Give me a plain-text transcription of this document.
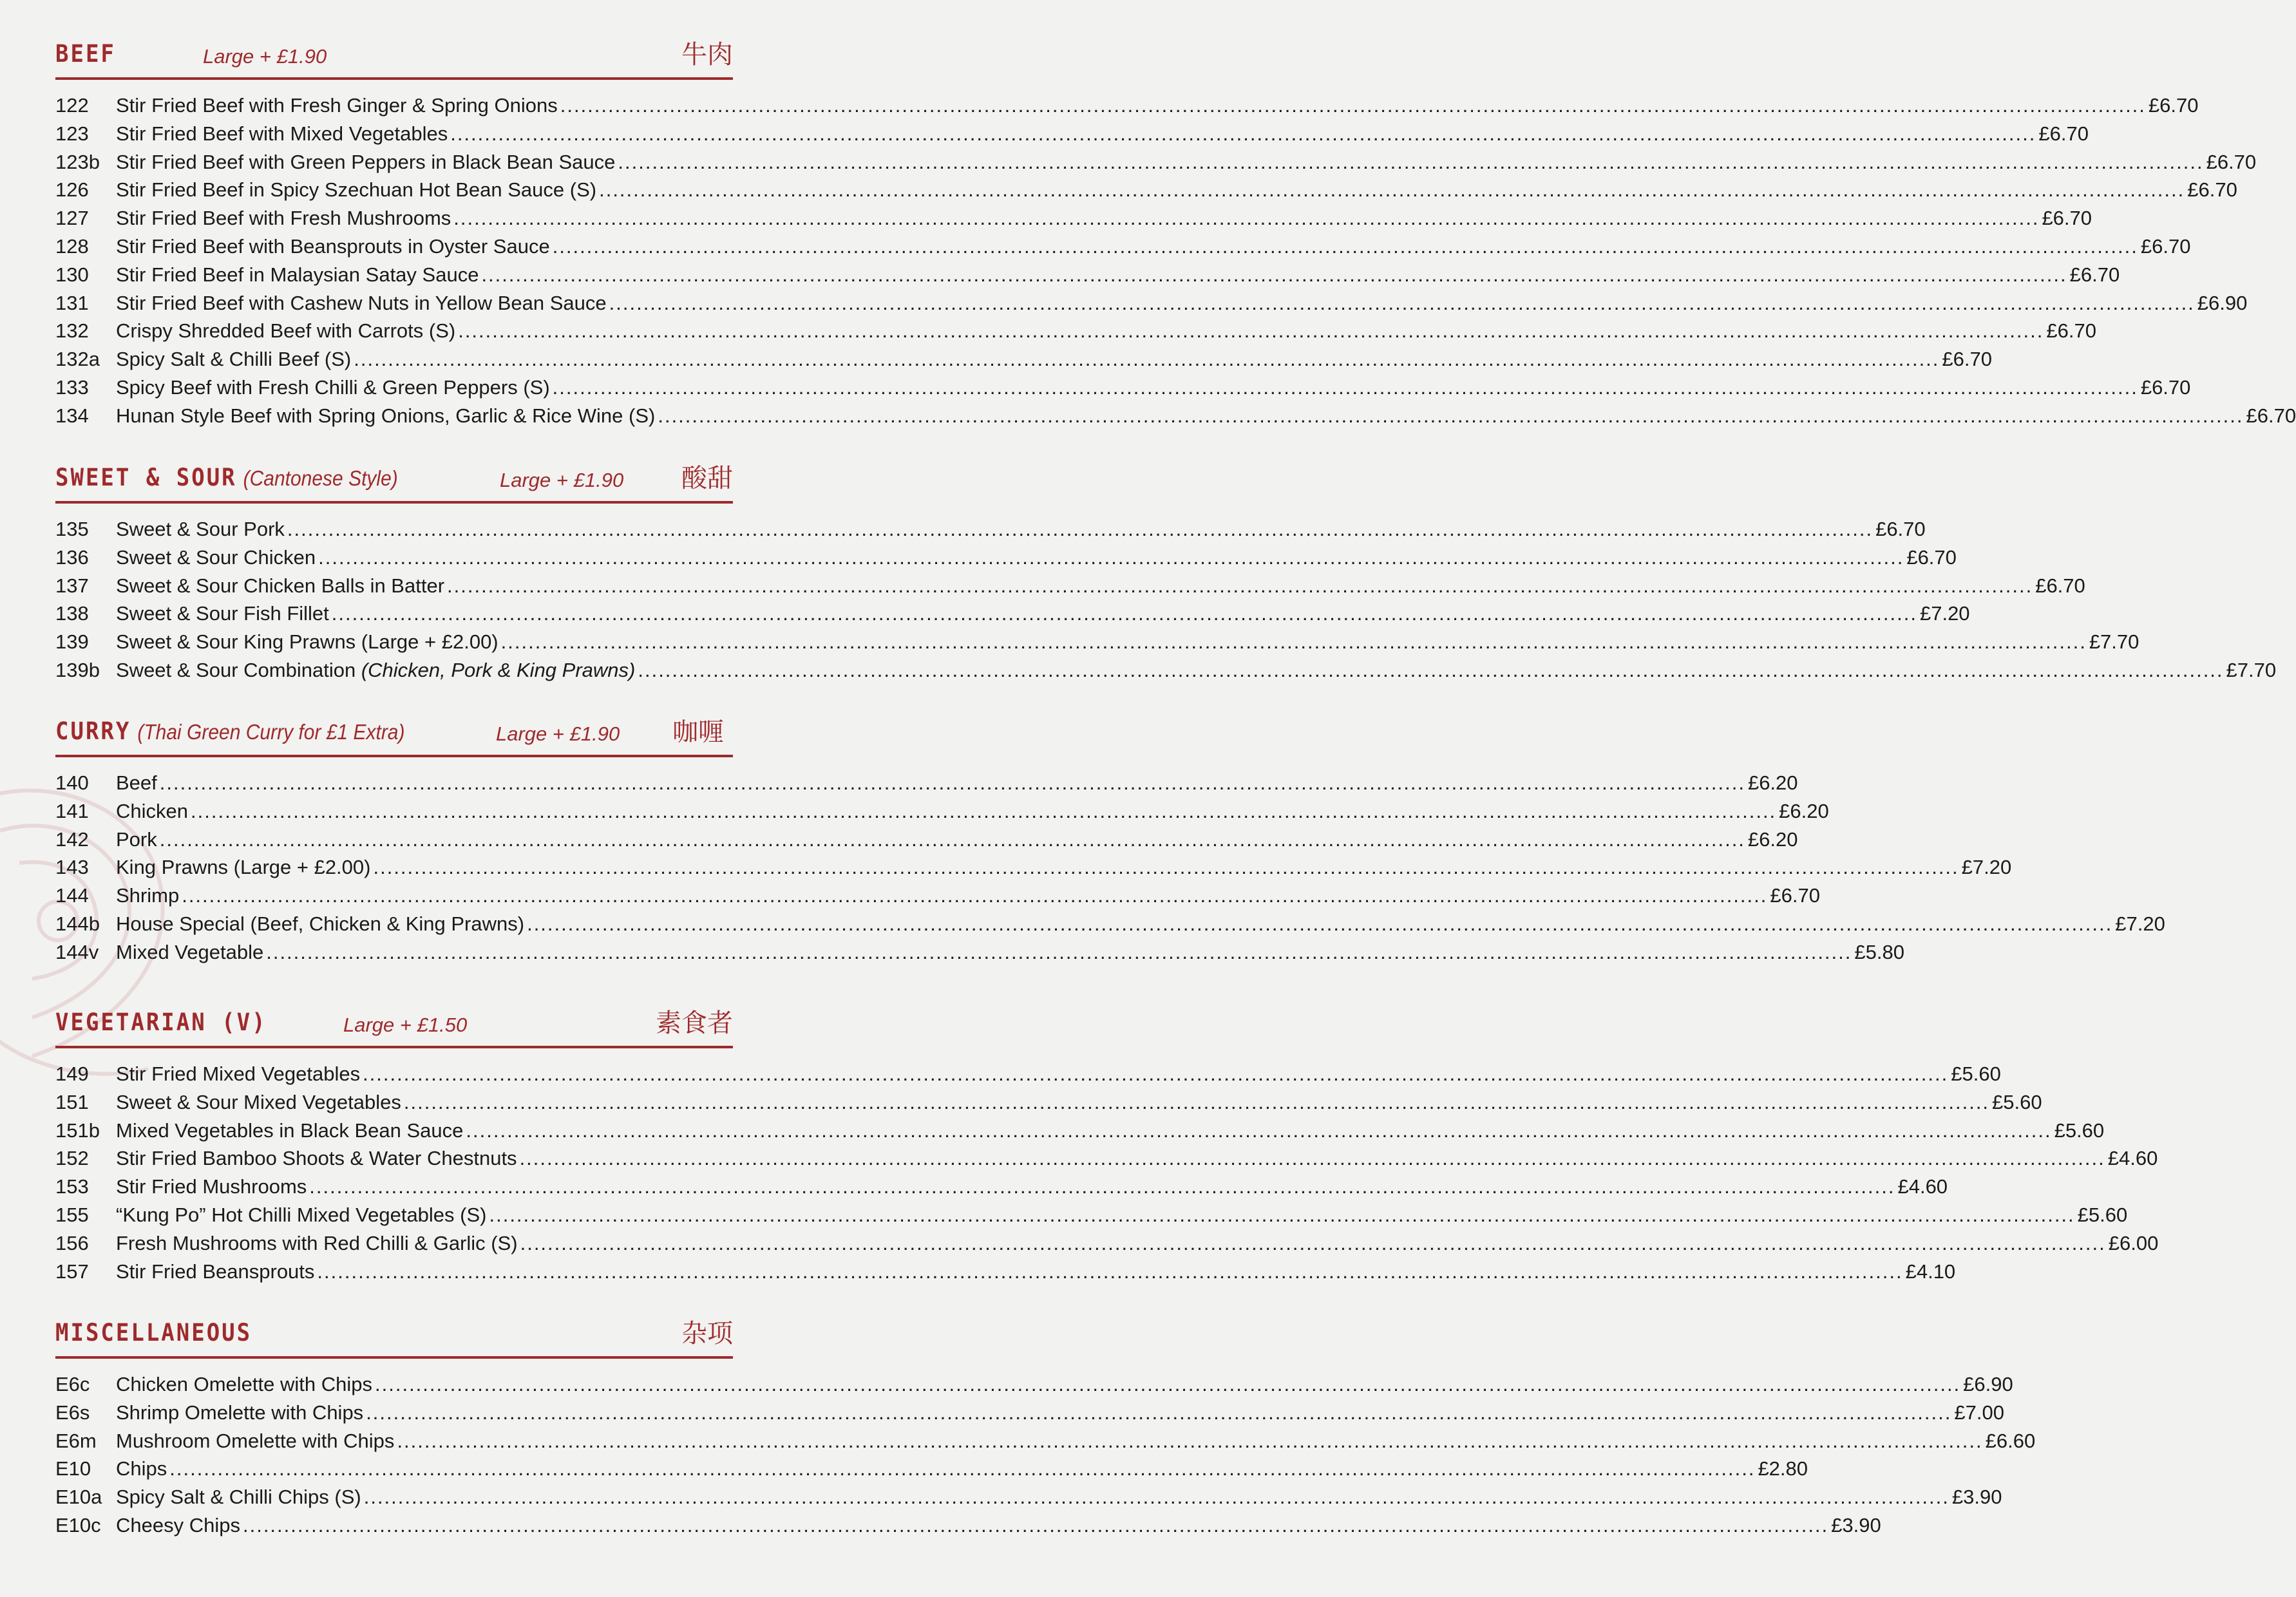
BEEF	Large + £1.90	牛肉
122	Stir Fried Beef with Fresh Ginger & Spring Onions .....	£6.70
123	Stir Fried Beef with Mixed Vegetables .....	£6.70
123b Stir Fried Beef with Green Peppers in Black Bean Sauce .....	£6.70
126	Stir Fried Beef in Spicy Szechuan Hot Bean Sauce (S) .....	£6.70
127	Stir Fried Beef with Fresh Mushrooms .....	£6.70
128	Stir Fried Beef with Beansprouts in Oyster Sauce .....	£6.70
130	Stir Fried Beef in Malaysian Satay Sauce .....	£6.70
131	Stir Fried Beef with Cashew Nuts in Yellow Bean Sauce .....	£6.90
132	Crispy Shredded Beef with Carrots (S) .....	£6.70
132a Spicy Salt & Chilli Beef (S) .....	£6.70
133	Spicy Beef with Fresh Chilli & Green Peppers (S) .....	£6.70
134	Hunan Style Beef with Spring Onions, Garlic & Rice Wine (S) .....	£6.70
SWEET & SOUR (Cantonese Style)	Large + £1.90 酸甜
135	Sweet & Sour Pork .....	£6.70
136	Sweet & Sour Chicken .....	£6.70
137	Sweet & Sour Chicken Balls in Batter .....	£6.70
138	Sweet & Sour Fish Fillet .....	£7.20
139	Sweet & Sour King Prawns (Large + £2.00) .....	£7.70
139b Sweet & Sour Combination (Chicken, Pork & King Prawns) .....	£7.70
CURRY (Thai Green Curry for £1 Extra)	Large + £1.90 咖喱
140	Beef .....	£6.20
141	Chicken .....	£6.20
142	Pork .....	£6.20
143	King Prawns (Large + £2.00) .....	£7.20
144	Shrimp .....	£6.70
144b House Special (Beef, Chicken & King Prawns) .....	£7.20
144v Mixed Vegetable .....	£5.80
VEGETARIAN (V)	Large + £1.50	素食者
149	Stir Fried Mixed Vegetables .....	£5.60
151	Sweet & Sour Mixed Vegetables .....	£5.60
151b Mixed Vegetables in Black Bean Sauce .....	£5.60
152	Stir Fried Bamboo Shoots & Water Chestnuts .....	£4.60
153	Stir Fried Mushrooms .....	£4.60
155	“Kung Po” Hot Chilli Mixed Vegetables (S) .....	£5.60
156	Fresh Mushrooms with Red Chilli & Garlic (S) .....	£6.00
157	Stir Fried Beansprouts .....	£4.10
MISCELLANEOUS	杂项
E6c	Chicken Omelette with Chips .....	£6.90
E6s	Shrimp Omelette with Chips .....	£7.00
E6m Mushroom Omelette with Chips .....	£6.60
E10	Chips .....	£2.80
E10a Spicy Salt & Chilli Chips (S) .....	£3.90
E10c Cheesy Chips .....	£3.90
